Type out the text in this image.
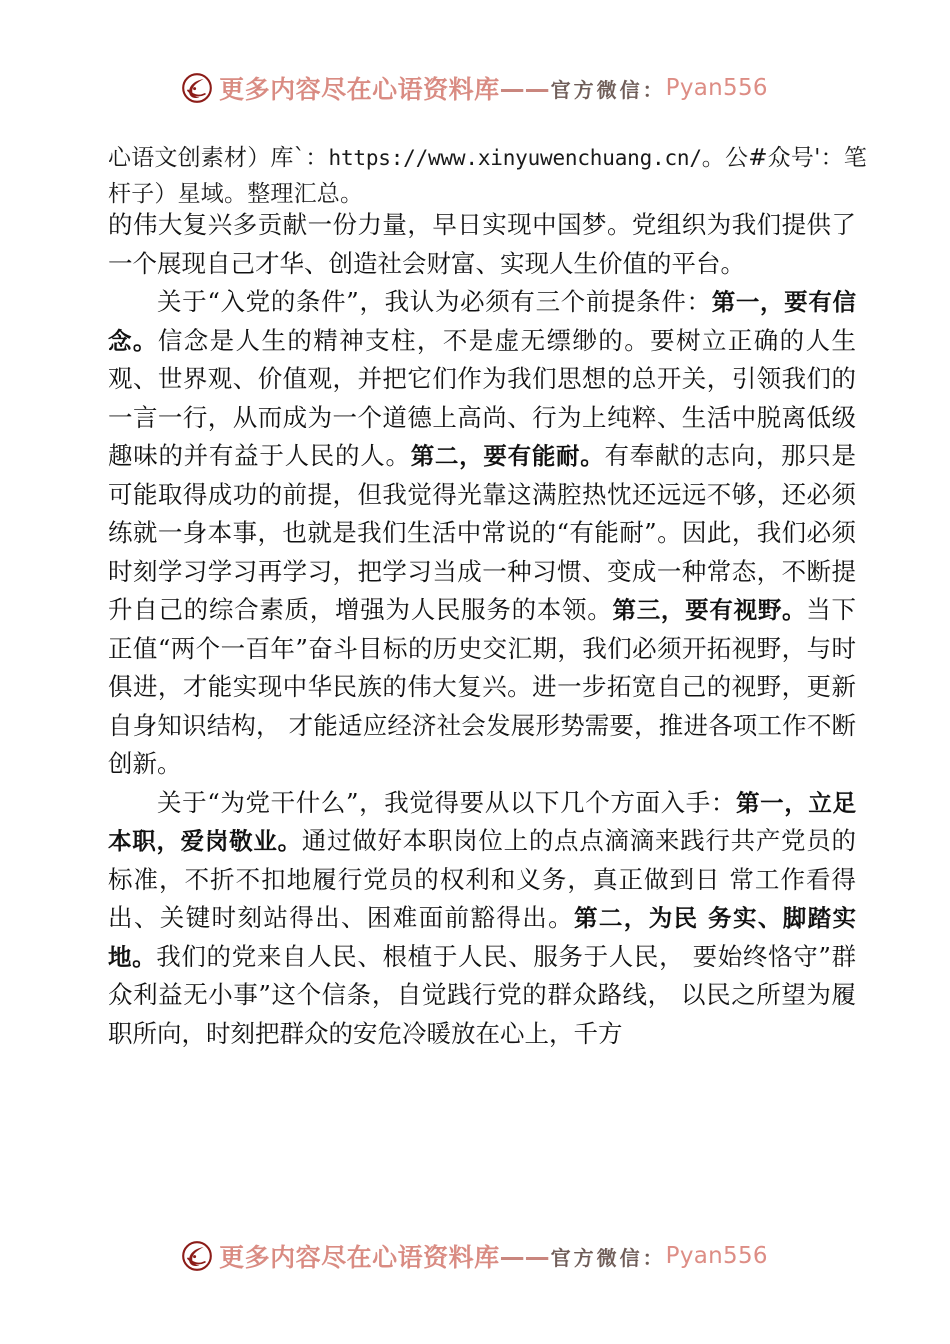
更多内容尽在心语资料库 —— 官方微信 ： Pyan556
心语文创素材）库`：https://www.xinyuwenchuang.cn/。公#众号'：笔杆子）星域。整理汇总。

的伟大复兴多贡献一份力量，早日实现中国梦。党组织为我们提供了一个展现自己才华、创造社会财富、实现人生价值的平台。

关于“入党的条件”，我认为必须有三个前提条件：第一，要有信念。信念是人生的精神支柱，不是虚无缥缈的。要树立正确的人生观、世界观、价值观，并把它们作为我们思想的总开关，引领我们的一言一行，从而成为一个道德上高尚、行为上纯粹、生活中脱离低级趣味的并有益于人民的人。第二，要有能耐。有奉献的志向，那只是可能取得成功的前提，但我觉得光靠这满腔热忱还远远不够，还必须练就一身本事，也就是我们生活中常说的“有能耐”。因此，我们必须时刻学习学习再学习，把学习当成一种习惯、变成一种常态，不断提升自己的综合素质，增强为人民服务的本领。第三，要有视野。当下正值“两个一百年”奋斗目标的历史交汇期，我们必须开拓视野，与时俱进，才能实现中华民族的伟大复兴。进一步拓宽自己的视野，更新自身知识结构， 才能适应经济社会发展形势需要，推进各项工作不断创新。

关于“为党干什么”，我觉得要从以下几个方面入手：第一，立足本职，爱岗敬业。通过做好本职岗位上的点点滴滴来践行共产党员的标准，不折不扣地履行党员的权利和义务，真正做到日 常工作看得出、关键时刻站得出、困难面前豁得出。第二，为民 务实、脚踏实地。我们的党来自人民、根植于人民、服务于人民， 要始终恪守”群众利益无小事”这个信条，自觉践行党的群众路线， 以民之所望为履职所向，时刻把群众的安危冷暖放在心上，千方

更多内容尽在心语资料库 —— 官方微信 ： Pyan556
